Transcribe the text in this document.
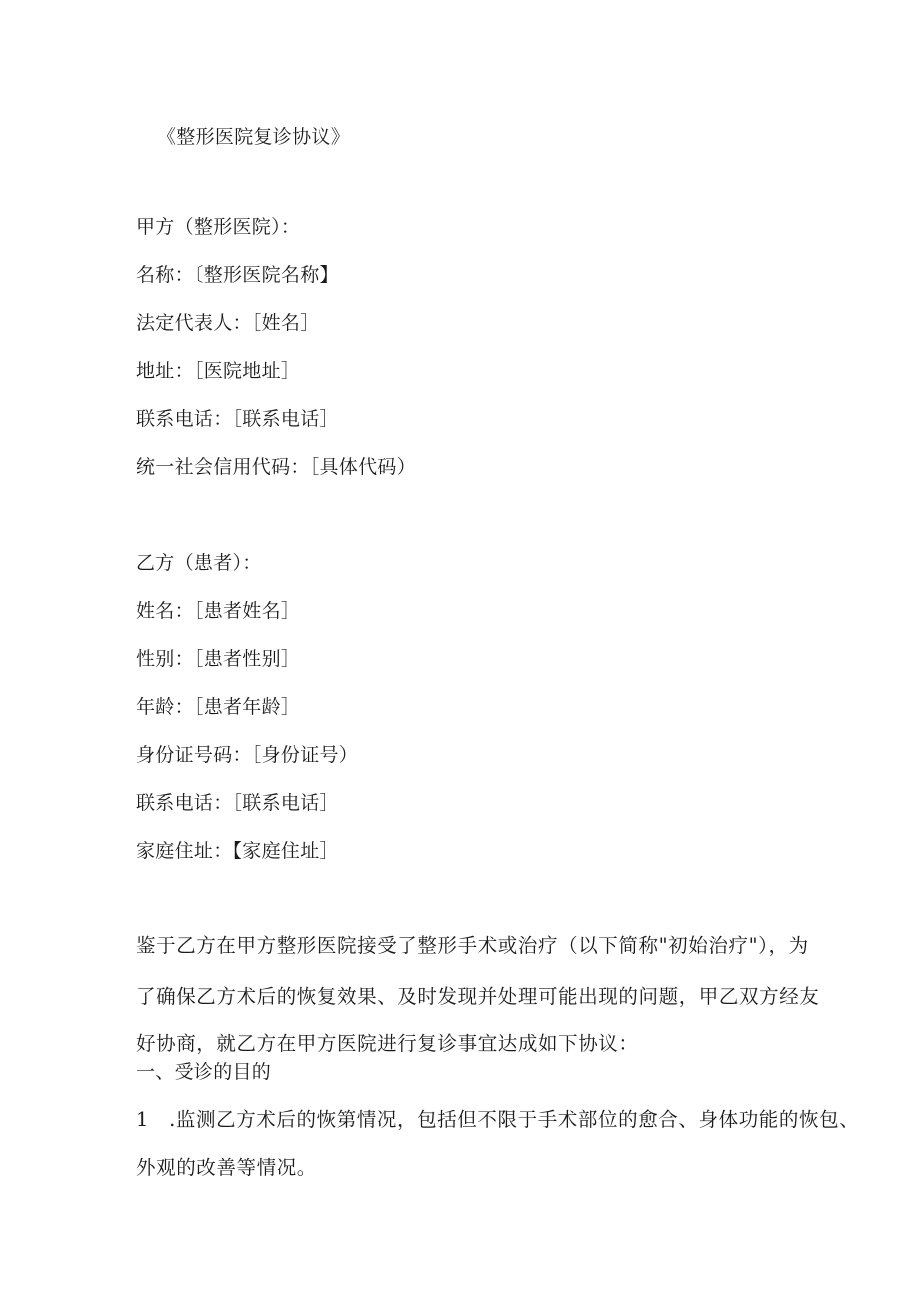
《整形医院复诊协议》
甲方（整形医院）：
名称：〔整形医院名称】
法定代表人：［姓名］
地址：［医院地址］
联系电话：［联系电话］
统一社会信用代码：［具体代码）
乙方（患者）：
姓名：［患者姓名］
性别：［患者性别］
年龄：［患者年龄］
身份证号码：［身份证号）
联系电话：［联系电话］
家庭住址：【家庭住址］
鉴于乙方在甲方整形医院接受了整形手术或治疗（以下简称"初始治疗"），为
了确保乙方术后的恢复效果、及时发现并处理可能出现的问题，甲乙双方经友
好协商，就乙方在甲方医院进行复诊事宜达成如下协议：
一、受诊的目的
1 .监测乙方术后的恢第情况，包括但不限于手术部位的愈合、身体功能的恢包、
外观的改善等情况。
